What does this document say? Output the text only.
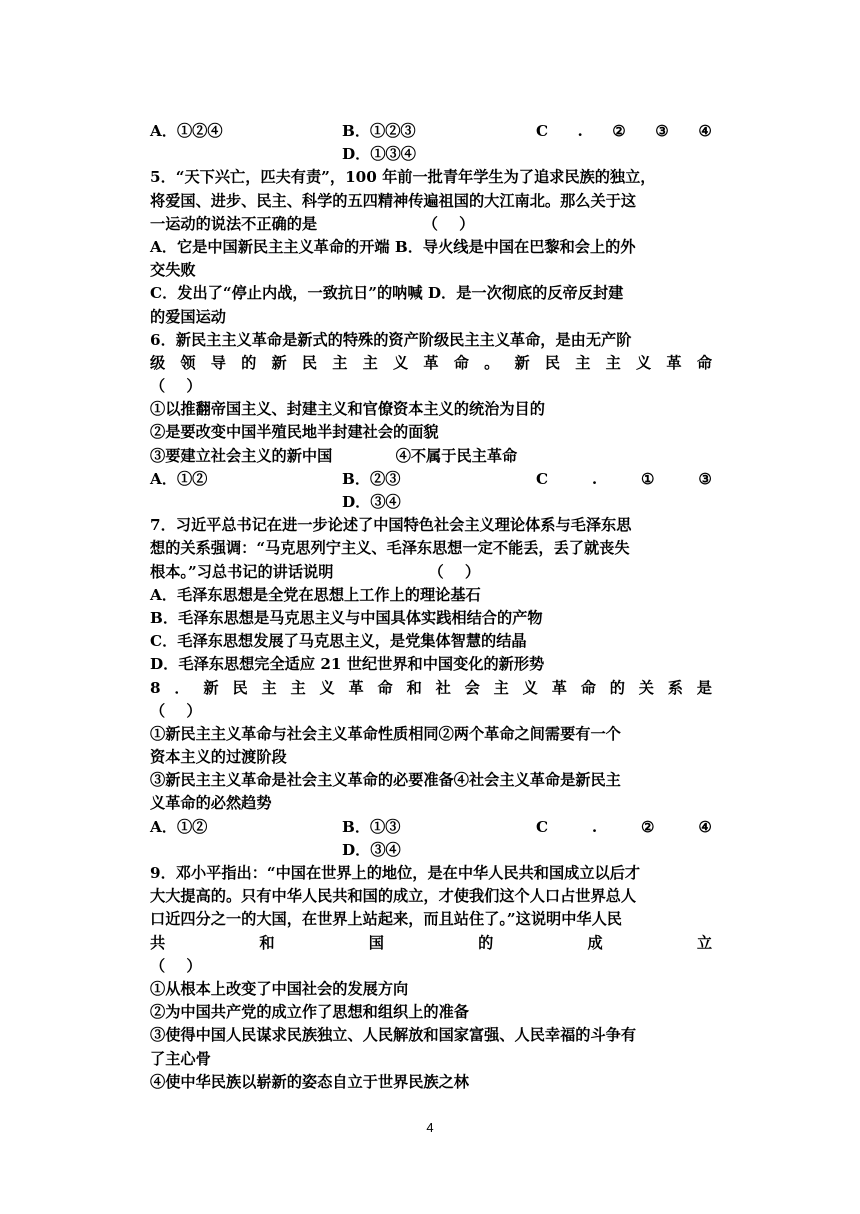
A．①②④	B．①②③	C . ② ③ ④
D．①③④
5．“天下兴亡，匹夫有责”，100 年前一批青年学生为了追求民族的独立，
将爱国、进步、民主、科学的五四精神传遍祖国的大江南北。那么关于这
一运动的说法不正确的是                    （    ）
A．它是中国新民主主义革命的开端 B．导火线是中国在巴黎和会上的外
交失败
C．发出了“停止内战，一致抗日”的呐喊 D．是一次彻底的反帝反封建
的爱国运动
6．新民主主义革命是新式的特殊的资产阶级民主主义革命，是由无产阶
级领导的新民主主义革命。新民主主义革命
（    ）
①以推翻帝国主义、封建主义和官僚资本主义的统治为目的
②是要改变中国半殖民地半封建社会的面貌
③要建立社会主义的新中国            ④不属于民主革命
A．①②	B．②③	C	.	①	③
D．③④
7．习近平总书记在进一步论述了中国特色社会主义理论体系与毛泽东思
想的关系强调：“马克思列宁主义、毛泽东思想一定不能丢，丢了就丧失
根本。”习总书记的讲话说明                  （    ）
A．毛泽东思想是全党在思想上工作上的理论基石
B．毛泽东思想是马克思主义与中国具体实践相结合的产物
C．毛泽东思想发展了马克思主义，是党集体智慧的结晶
D．毛泽东思想完全适应 21 世纪世界和中国变化的新形势
8．新民主主义革命和社会主义革命的关系是
（    ）
①新民主主义革命与社会主义革命性质相同②两个革命之间需要有一个
资本主义的过渡阶段
③新民主主义革命是社会主义革命的必要准备④社会主义革命是新民主
义革命的必然趋势
A．①②	B．①③	C	.	②	④
D．③④
9．邓小平指出：“中国在世界上的地位，是在中华人民共和国成立以后才
大大提高的。只有中华人民共和国的成立，才使我们这个人口占世界总人
口近四分之一的大国，在世界上站起来，而且站住了。”这说明中华人民
共和国的成立
（    ）
①从根本上改变了中国社会的发展方向
②为中国共产党的成立作了思想和组织上的准备
③使得中国人民谋求民族独立、人民解放和国家富强、人民幸福的斗争有
了主心骨
④使中华民族以崭新的姿态自立于世界民族之林
4
